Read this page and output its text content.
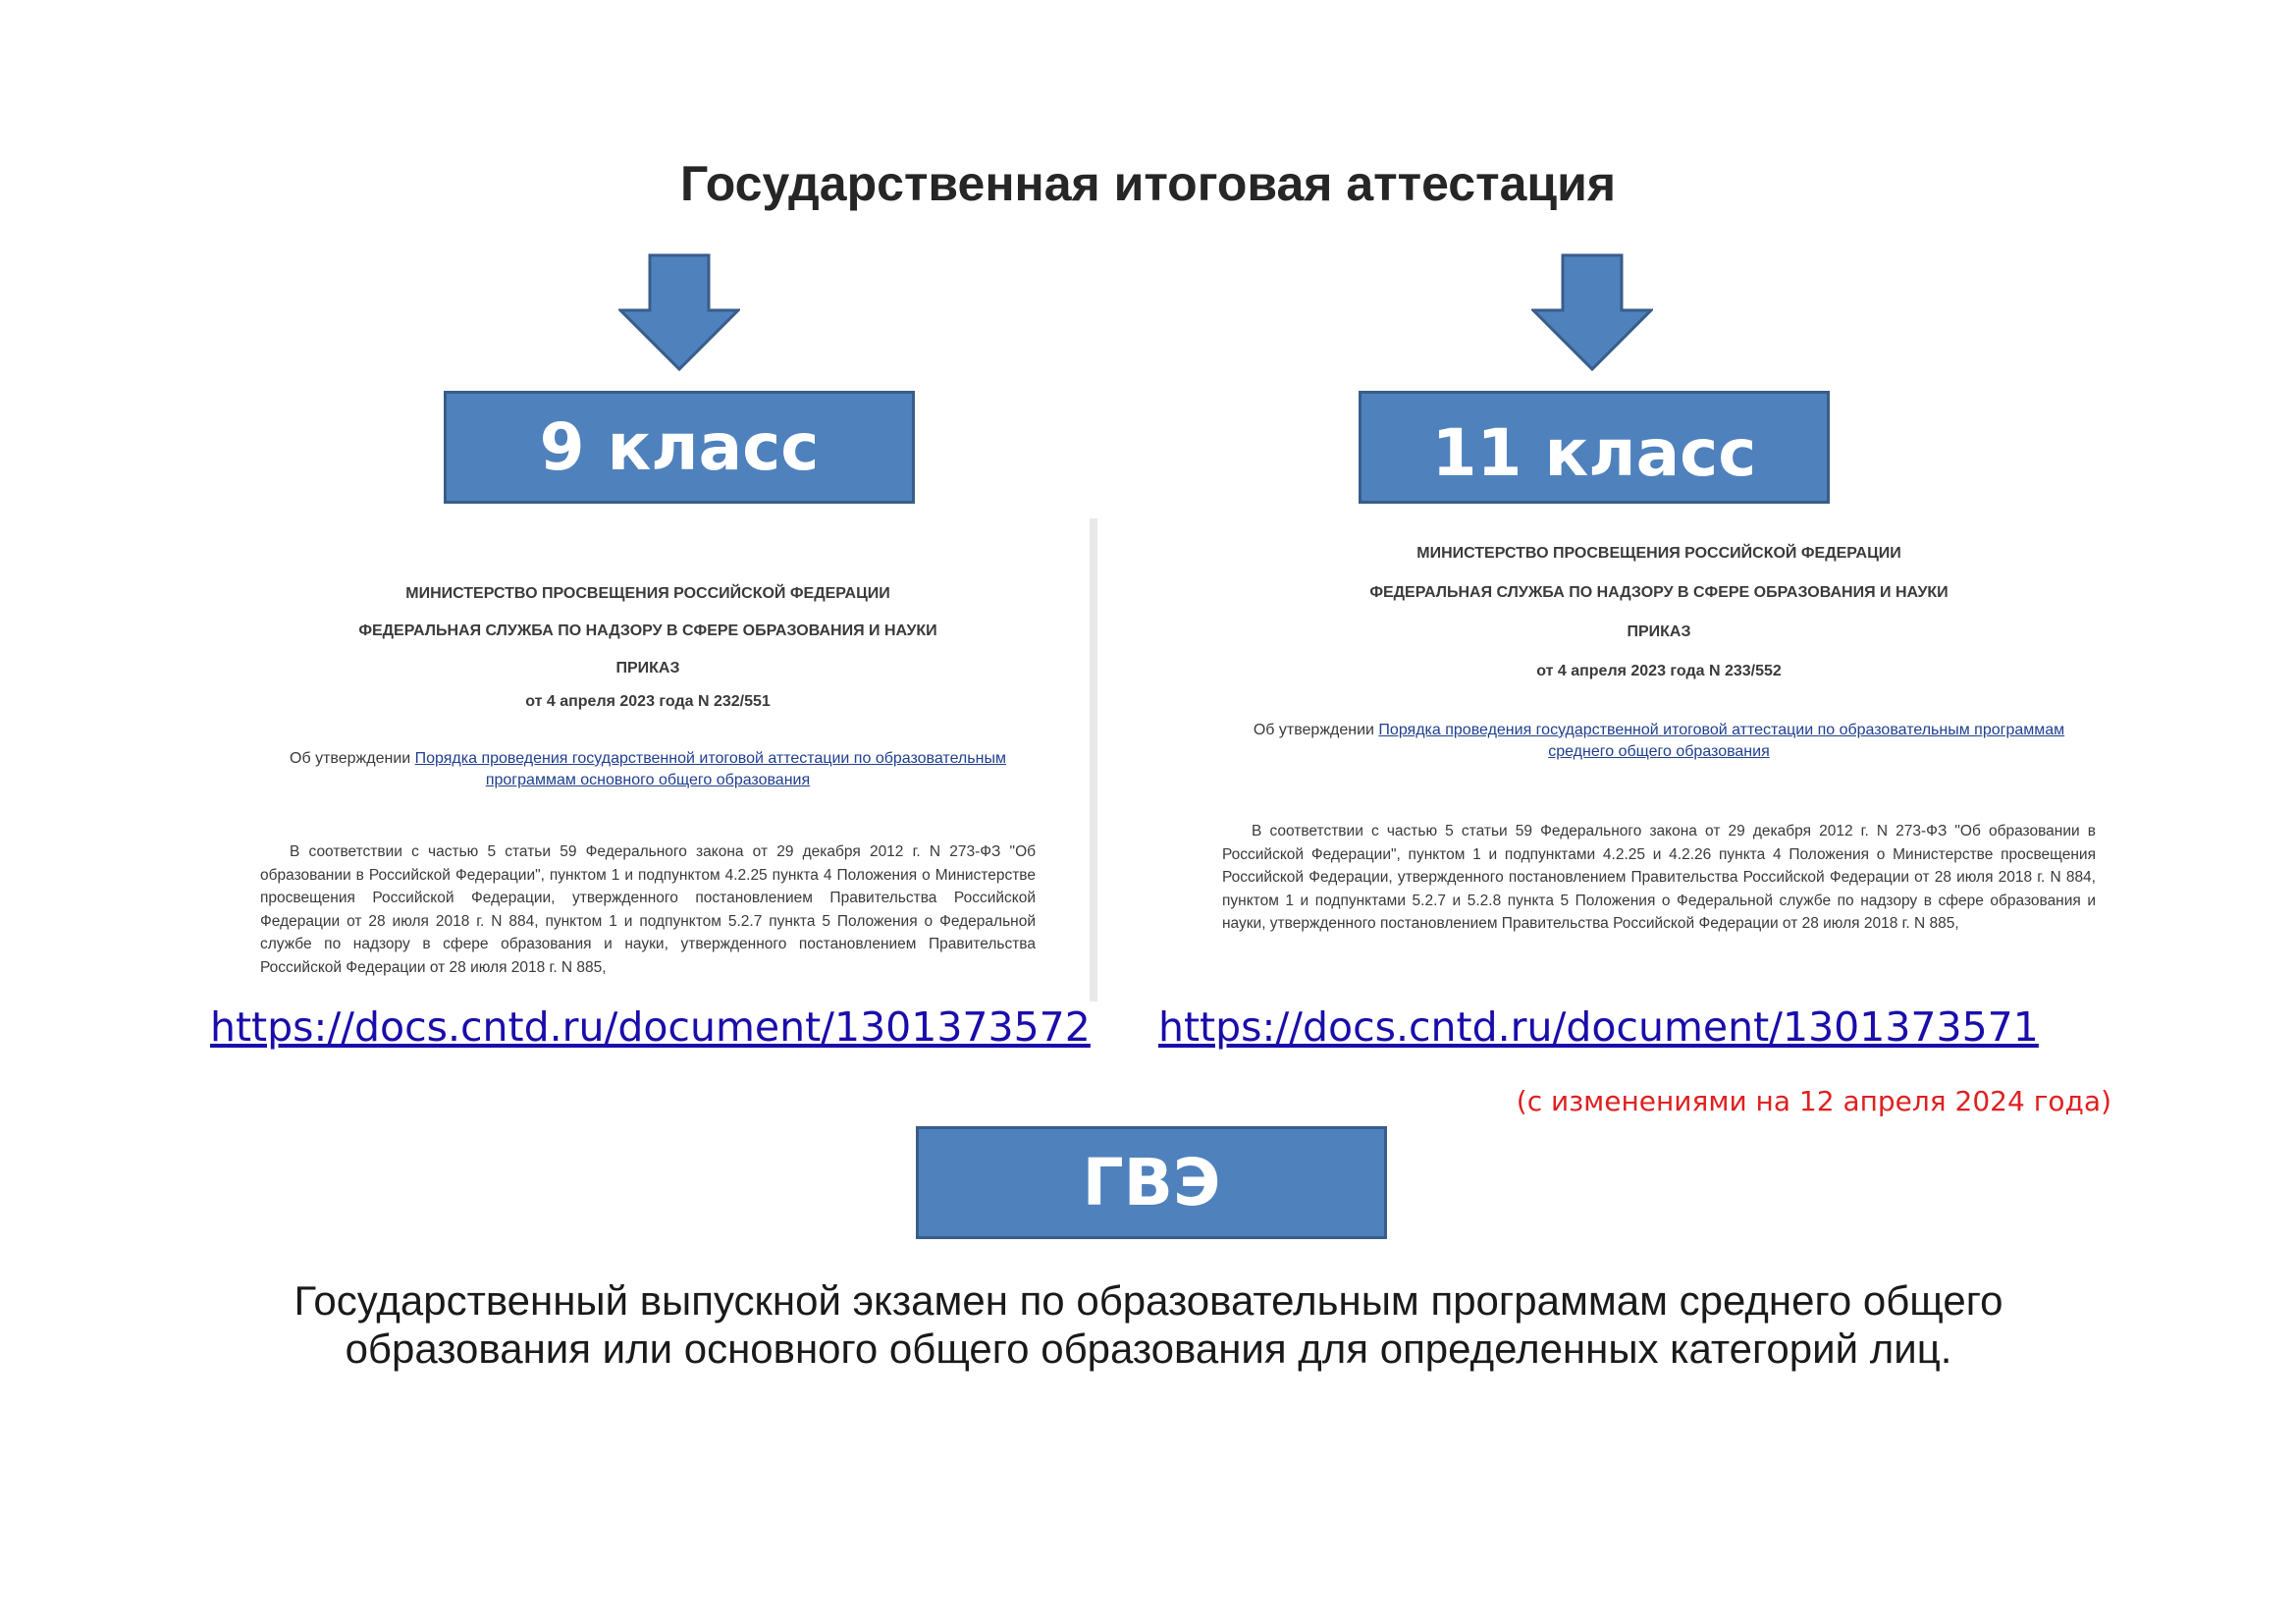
Государственная итоговая аттестация
9 класс	11 класс
МИНИСТЕРСТВО ПРОСВЕЩЕНИЯ РОССИЙСКОЙ ФЕДЕРАЦИИ
ФЕДЕРАЛЬНАЯ СЛУЖБА ПО НАДЗОРУ В СФЕРЕ ОБРАЗОВАНИЯ И НАУКИ
ПРИКАЗ
от 4 апреля 2023 года N 232/551
Об утверждении Порядка проведения государственной итоговой аттестации по образовательным программам основного общего образования
В соответствии с частью 5 статьи 59 Федерального закона от 29 декабря 2012 г. N 273-ФЗ "Об образовании в Российской Федерации", пунктом 1 и подпунктом 4.2.25 пункта 4 Положения о Министерстве просвещения Российской Федерации, утвержденного постановлением Правительства Российской Федерации от 28 июля 2018 г. N 884, пунктом 1 и подпунктом 5.2.7 пункта 5 Положения о Федеральной службе по надзору в сфере образования и науки, утвержденного постановлением Правительства Российской Федерации от 28 июля 2018 г. N 885,
МИНИСТЕРСТВО ПРОСВЕЩЕНИЯ РОССИЙСКОЙ ФЕДЕРАЦИИ
ФЕДЕРАЛЬНАЯ СЛУЖБА ПО НАДЗОРУ В СФЕРЕ ОБРАЗОВАНИЯ И НАУКИ
ПРИКАЗ
от 4 апреля 2023 года N 233/552
Об утверждении Порядка проведения государственной итоговой аттестации по образовательным программам среднего общего образования
В соответствии с частью 5 статьи 59 Федерального закона от 29 декабря 2012 г. N 273-ФЗ "Об образовании в Российской Федерации", пунктом 1 и подпунктами 4.2.25 и 4.2.26 пункта 4 Положения о Министерстве просвещения Российской Федерации, утвержденного постановлением Правительства Российской Федерации от 28 июля 2018 г. N 884, пунктом 1 и подпунктами 5.2.7 и 5.2.8 пункта 5 Положения о Федеральной службе по надзору в сфере образования и науки, утвержденного постановлением Правительства Российской Федерации от 28 июля 2018 г. N 885,
https://docs.cntd.ru/document/1301373572 https://docs.cntd.ru/document/1301373571
(с изменениями на 12 апреля 2024 года)
ГВЭ
Государственный выпускной экзамен по образовательным программам среднего общего образования или основного общего образования для определенных категорий лиц.
